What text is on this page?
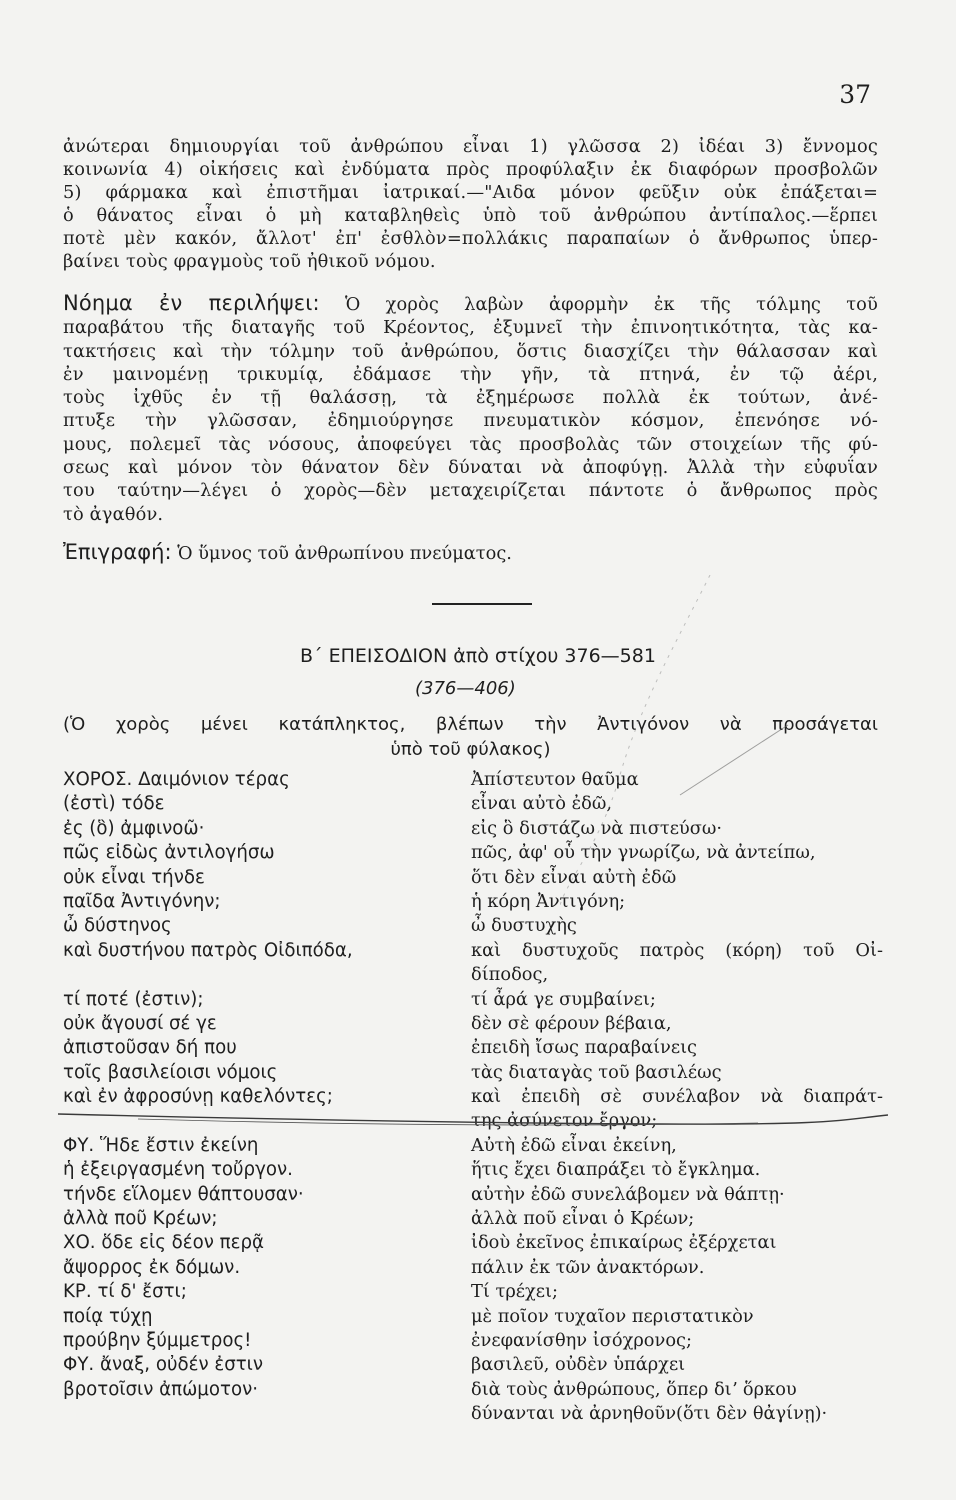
37
ἀνώτεραι δημιουργίαι τοῦ ἀνθρώπου εἶναι 1) γλῶσσα 2) ἰδέαι 3) ἔννομος
κοινωνία 4) οἰκήσεις καὶ ἐνδύματα πρὸς προφύλαξιν ἐκ διαφόρων προσβολῶν
5) φάρμακα καὶ ἐπιστῆμαι ἰατρικαί.—"Αιδα μόνον φεῦξιν οὐκ ἐπάξεται=
ὁ θάνατος εἶναι ὁ μὴ καταβληθεὶς ὑπὸ τοῦ ἀνθρώπου ἀντίπαλος.—ἕρπει
ποτὲ μὲν κακόν, ἄλλοτ' ἐπ' ἐσθλὸν=πολλάκις παραπαίων ὁ ἄνθρωπος ὑπερ-
βαίνει τοὺς φραγμοὺς τοῦ ἠθικοῦ νόμου.
Νόημα ἐν περιλήψει: Ὁ χορὸς λαβὼν ἀφορμὴν ἐκ τῆς τόλμης τοῦ
παραβάτου τῆς διαταγῆς τοῦ Κρέοντος, ἐξυμνεῖ τὴν ἐπινοητικότητα, τὰς κα-
τακτήσεις καὶ τὴν τόλμην τοῦ ἀνθρώπου, ὅστις διασχίζει τὴν θάλασσαν καὶ
ἐν μαινομένῃ τρικυμίᾳ, ἐδάμασε τὴν γῆν, τὰ πτηνά, ἐν τῷ ἀέρι,
τοὺς ἰχθῦς ἐν τῇ θαλάσσῃ, τὰ ἐξημέρωσε πολλὰ ἐκ τούτων, ἀνέ-
πτυξε τὴν γλῶσσαν, ἐδημιούργησε πνευματικὸν κόσμον, ἐπενόησε νό-
μους, πολεμεῖ τὰς νόσους, ἀποφεύγει τὰς προσβολὰς τῶν στοιχείων τῆς φύ-
σεως καὶ μόνον τὸν θάνατον δὲν δύναται νὰ ἀποφύγῃ. Ἀλλὰ τὴν εὐφυΐαν
του ταύτην—λέγει ὁ χορὸς—δὲν μεταχειρίζεται πάντοτε ὁ ἄνθρωπος πρὸς
τὸ ἀγαθόν.
Ἐπιγραφή: Ὁ ὕμνος τοῦ ἀνθρωπίνου πνεύματος.
Β΄ ΕΠΕΙΣΟΔΙΟΝ ἀπὸ στίχου 376—581
(376—406)
(Ὁ χορὸς μένει κατάπληκτος, βλέπων τὴν Ἀντιγόνον νὰ προσάγεται
ὑπὸ τοῦ φύλακος)
ΧΟΡΟΣ. Δαιμόνιον τέρας
(ἐστὶ) τόδε
ἐς (ὃ) ἀμφινοῶ·
πῶς εἰδὼς ἀντιλογήσω
οὐκ εἶναι τήνδε
παῖδα Ἀντιγόνην;
ὦ δύστηνος
καὶ δυστήνου πατρὸς Οἰδιπόδα,
τί ποτέ (ἐστιν);
οὐκ ἄγουσί σέ γε
ἀπιστοῦσαν δή που
τοῖς βασιλείοισι νόμοις
καὶ ἐν ἀφροσύνῃ καθελόντες;
ΦΥ. Ἥδε ἔστιν ἐκείνη
ἡ ἐξειργασμένη τοὔργον.
τήνδε εἵλομεν θάπτουσαν·
ἀλλὰ ποῦ Κρέων;
ΧΟ. ὅδε εἰς δέον περᾷ
ἄψορρος ἐκ δόμων.
ΚΡ. τί δ' ἔστι;
ποίᾳ τύχῃ
προύβην ξύμμετρος!
ΦΥ. ἄναξ, οὐδέν ἐστιν
βροτοῖσιν ἀπώμοτον·
Ἀπίστευτον θαῦμα
εἶναι αὐτὸ ἐδῶ,
εἰς ὃ διστάζω νὰ πιστεύσω·
πῶς, ἀφ' οὗ τὴν γνωρίζω, νὰ ἀντείπω,
ὅτι δὲν εἶναι αὐτὴ ἐδῶ
ἡ κόρη Ἀντιγόνη;
ὦ δυστυχὴς
καὶ δυστυχοῦς πατρὸς (κόρη) τοῦ Οἰ-
δίποδος,
τί ἆρά γε συμβαίνει;
δὲν σὲ φέρουν βέβαια,
ἐπειδὴ ἴσως παραβαίνεις
τὰς διαταγὰς τοῦ βασιλέως
καὶ ἐπειδὴ σὲ συνέλαβον νὰ διαπράτ-
της ἀσύνετον ἔργον;
Αὐτὴ ἐδῶ εἶναι ἐκείνη,
ἥτις ἔχει διαπράξει τὸ ἔγκλημα.
αὐτὴν ἐδῶ συνελάβομεν νὰ θάπτῃ·
ἀλλὰ ποῦ εἶναι ὁ Κρέων;
ἰδοὺ ἐκεῖνος ἐπικαίρως ἐξέρχεται
πάλιν ἐκ τῶν ἀνακτόρων.
Τί τρέχει;
μὲ ποῖον τυχαῖον περιστατικὸν
ἐνεφανίσθην ἰσόχρονος;
βασιλεῦ, οὐδὲν ὑπάρχει
διὰ τοὺς ἀνθρώπους, ὅπερ διʼ ὅρκου
δύνανται νὰ ἀρνηθοῦν(ὅτι δὲν θἀγίνῃ)·
